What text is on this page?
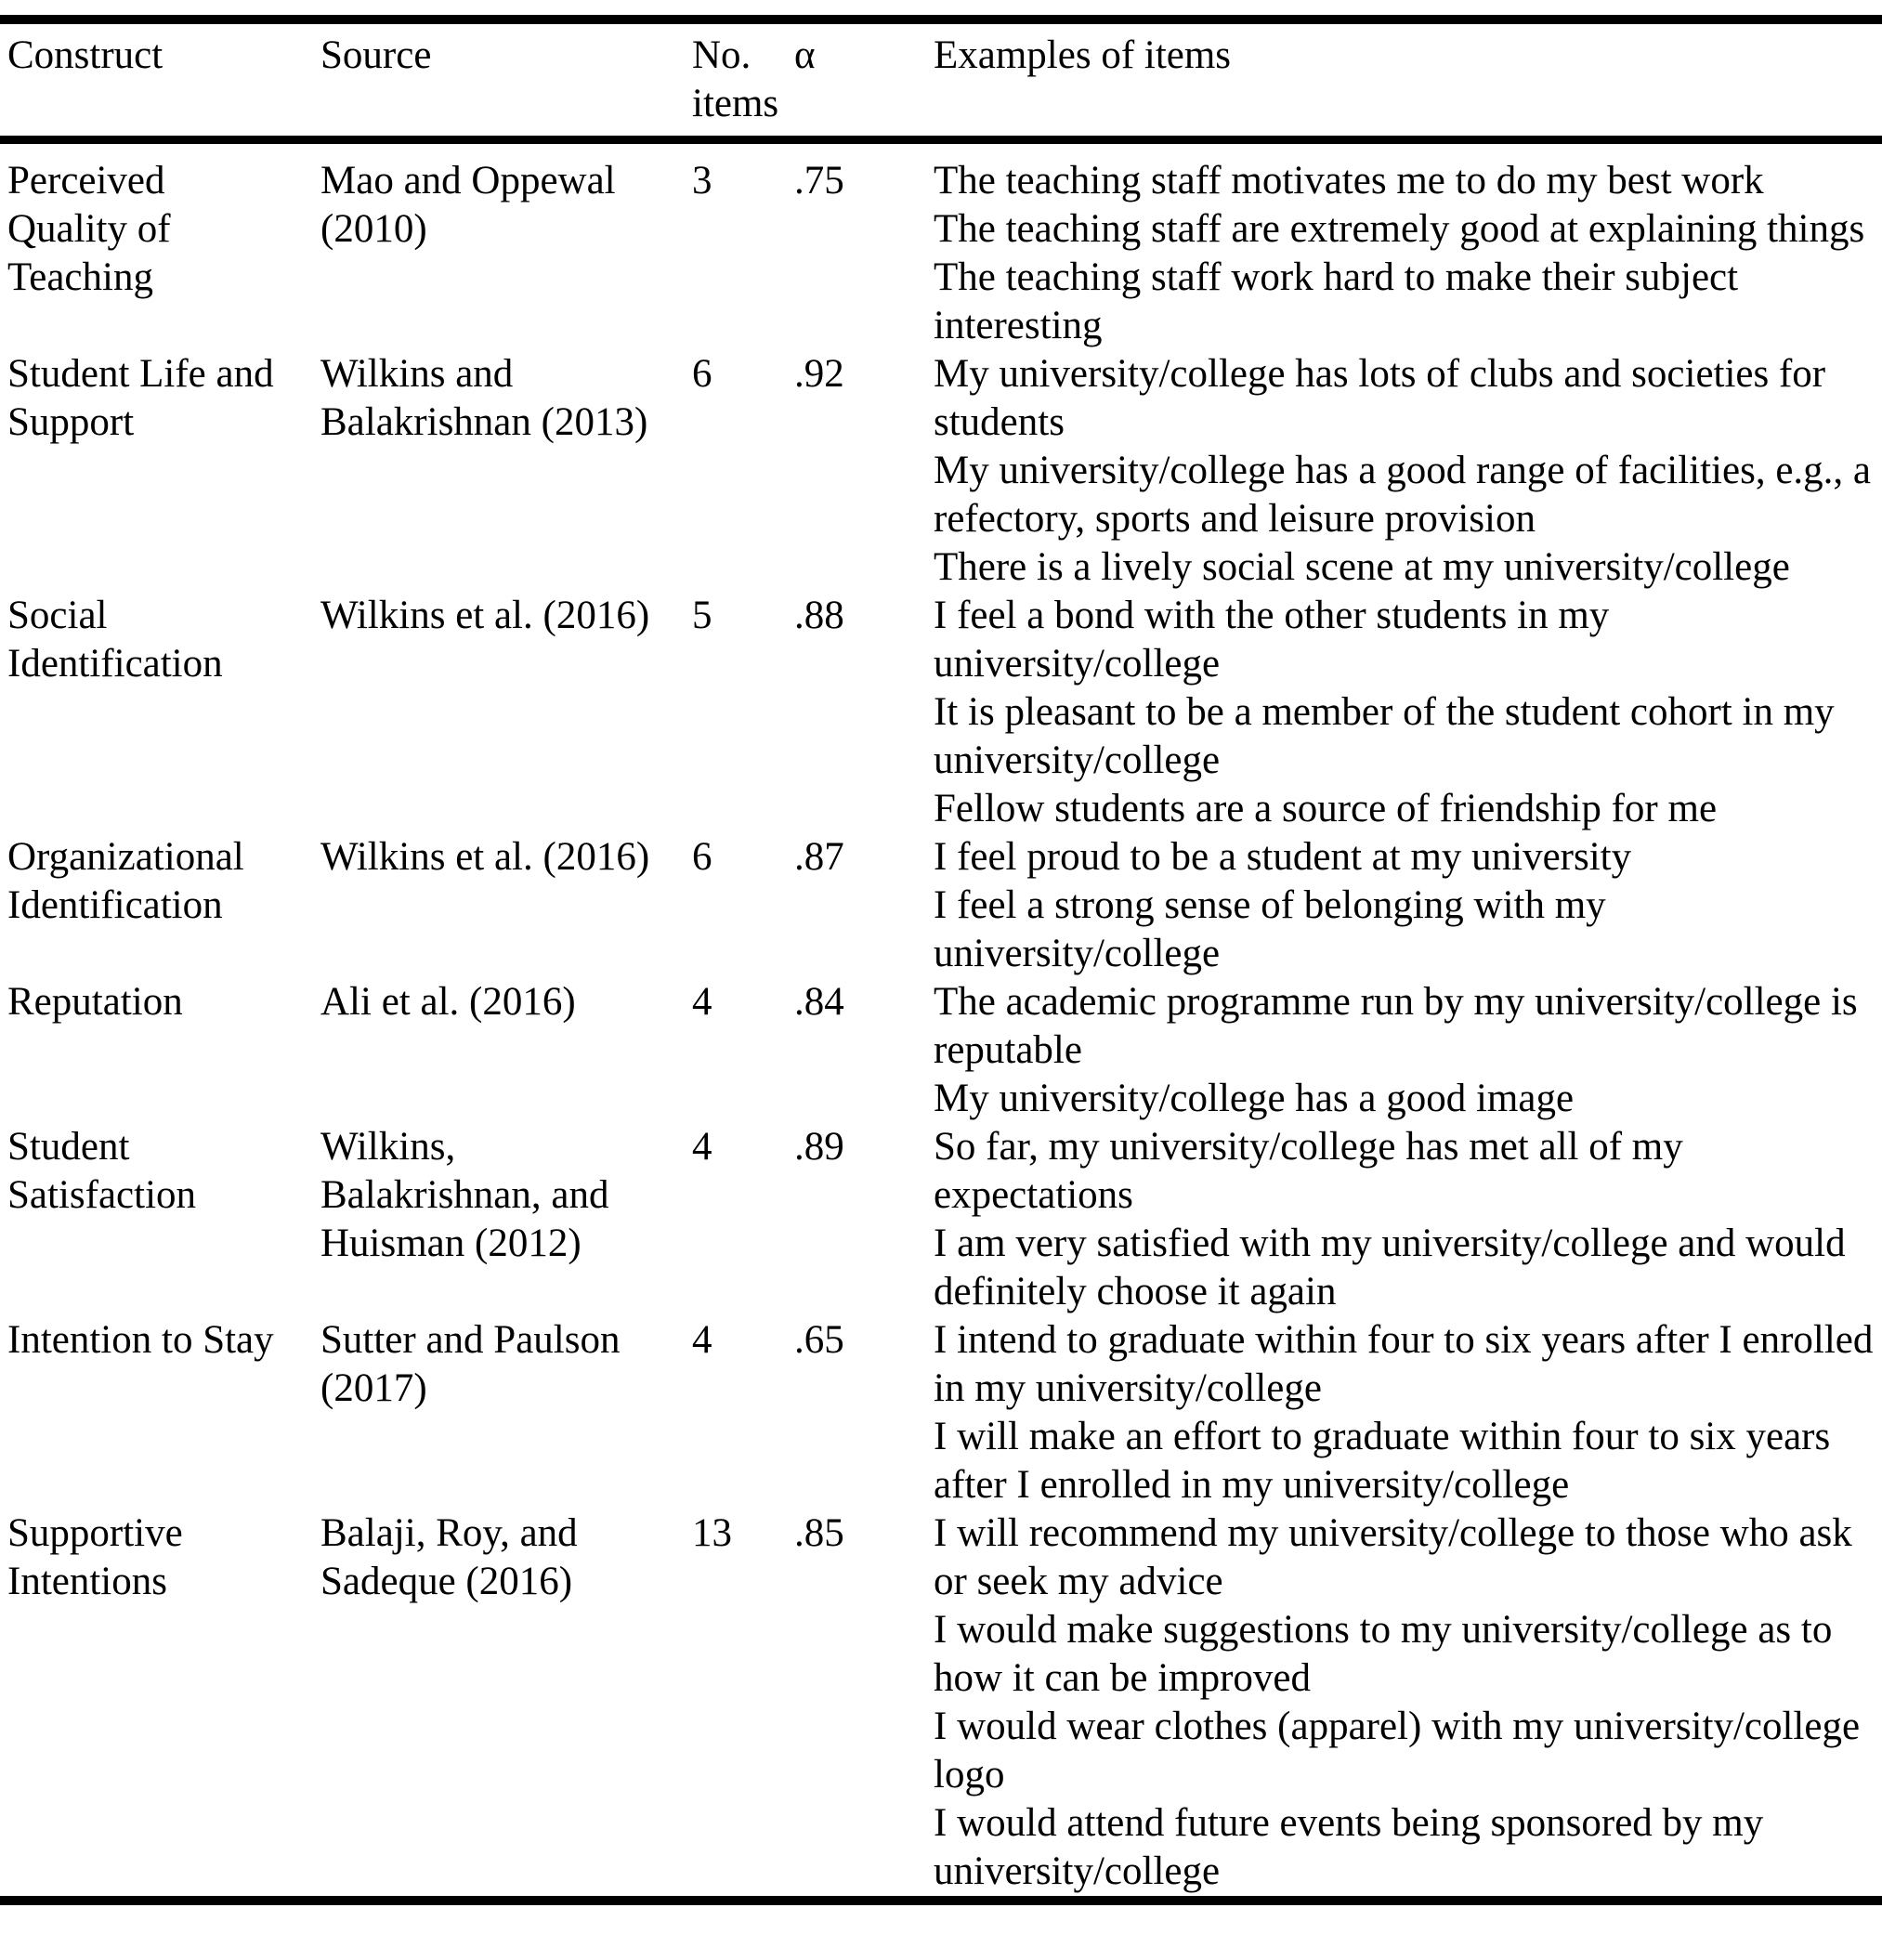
Construct	Source	No. items	α	Examples of items
Perceived Quality of Teaching	Mao and Oppewal (2010)	3	.75	The teaching staff motivates me to do my best work
The teaching staff are extremely good at explaining things
The teaching staff work hard to make their subject interesting

Student Life and Support	Wilkins and Balakrishnan (2013)	6	.92	My university/college has lots of clubs and societies for students
My university/college has a good range of facilities, e.g., a refectory, sports and leisure provision
There is a lively social scene at my university/college

Social Identification	Wilkins et al. (2016)	5	.88	I feel a bond with the other students in my university/college
It is pleasant to be a member of the student cohort in my university/college
Fellow students are a source of friendship for me

Organizational Identification	Wilkins et al. (2016)	6	.87	I feel proud to be a student at my university
I feel a strong sense of belonging with my university/college

Reputation	Ali et al. (2016)	4	.84	The academic programme run by my university/college is reputable
My university/college has a good image

Student Satisfaction	Wilkins, Balakrishnan, and Huisman (2012)	4	.89	So far, my university/college has met all of my expectations
I am very satisfied with my university/college and would definitely choose it again

Intention to Stay	Sutter and Paulson (2017)	4	.65	I intend to graduate within four to six years after I enrolled in my university/college
I will make an effort to graduate within four to six years after I enrolled in my university/college

Supportive Intentions	Balaji, Roy, and Sadeque (2016)	13	.85	I will recommend my university/college to those who ask or seek my advice
I would make suggestions to my university/college as to how it can be improved
I would wear clothes (apparel) with my university/college logo
I would attend future events being sponsored by my university/college
